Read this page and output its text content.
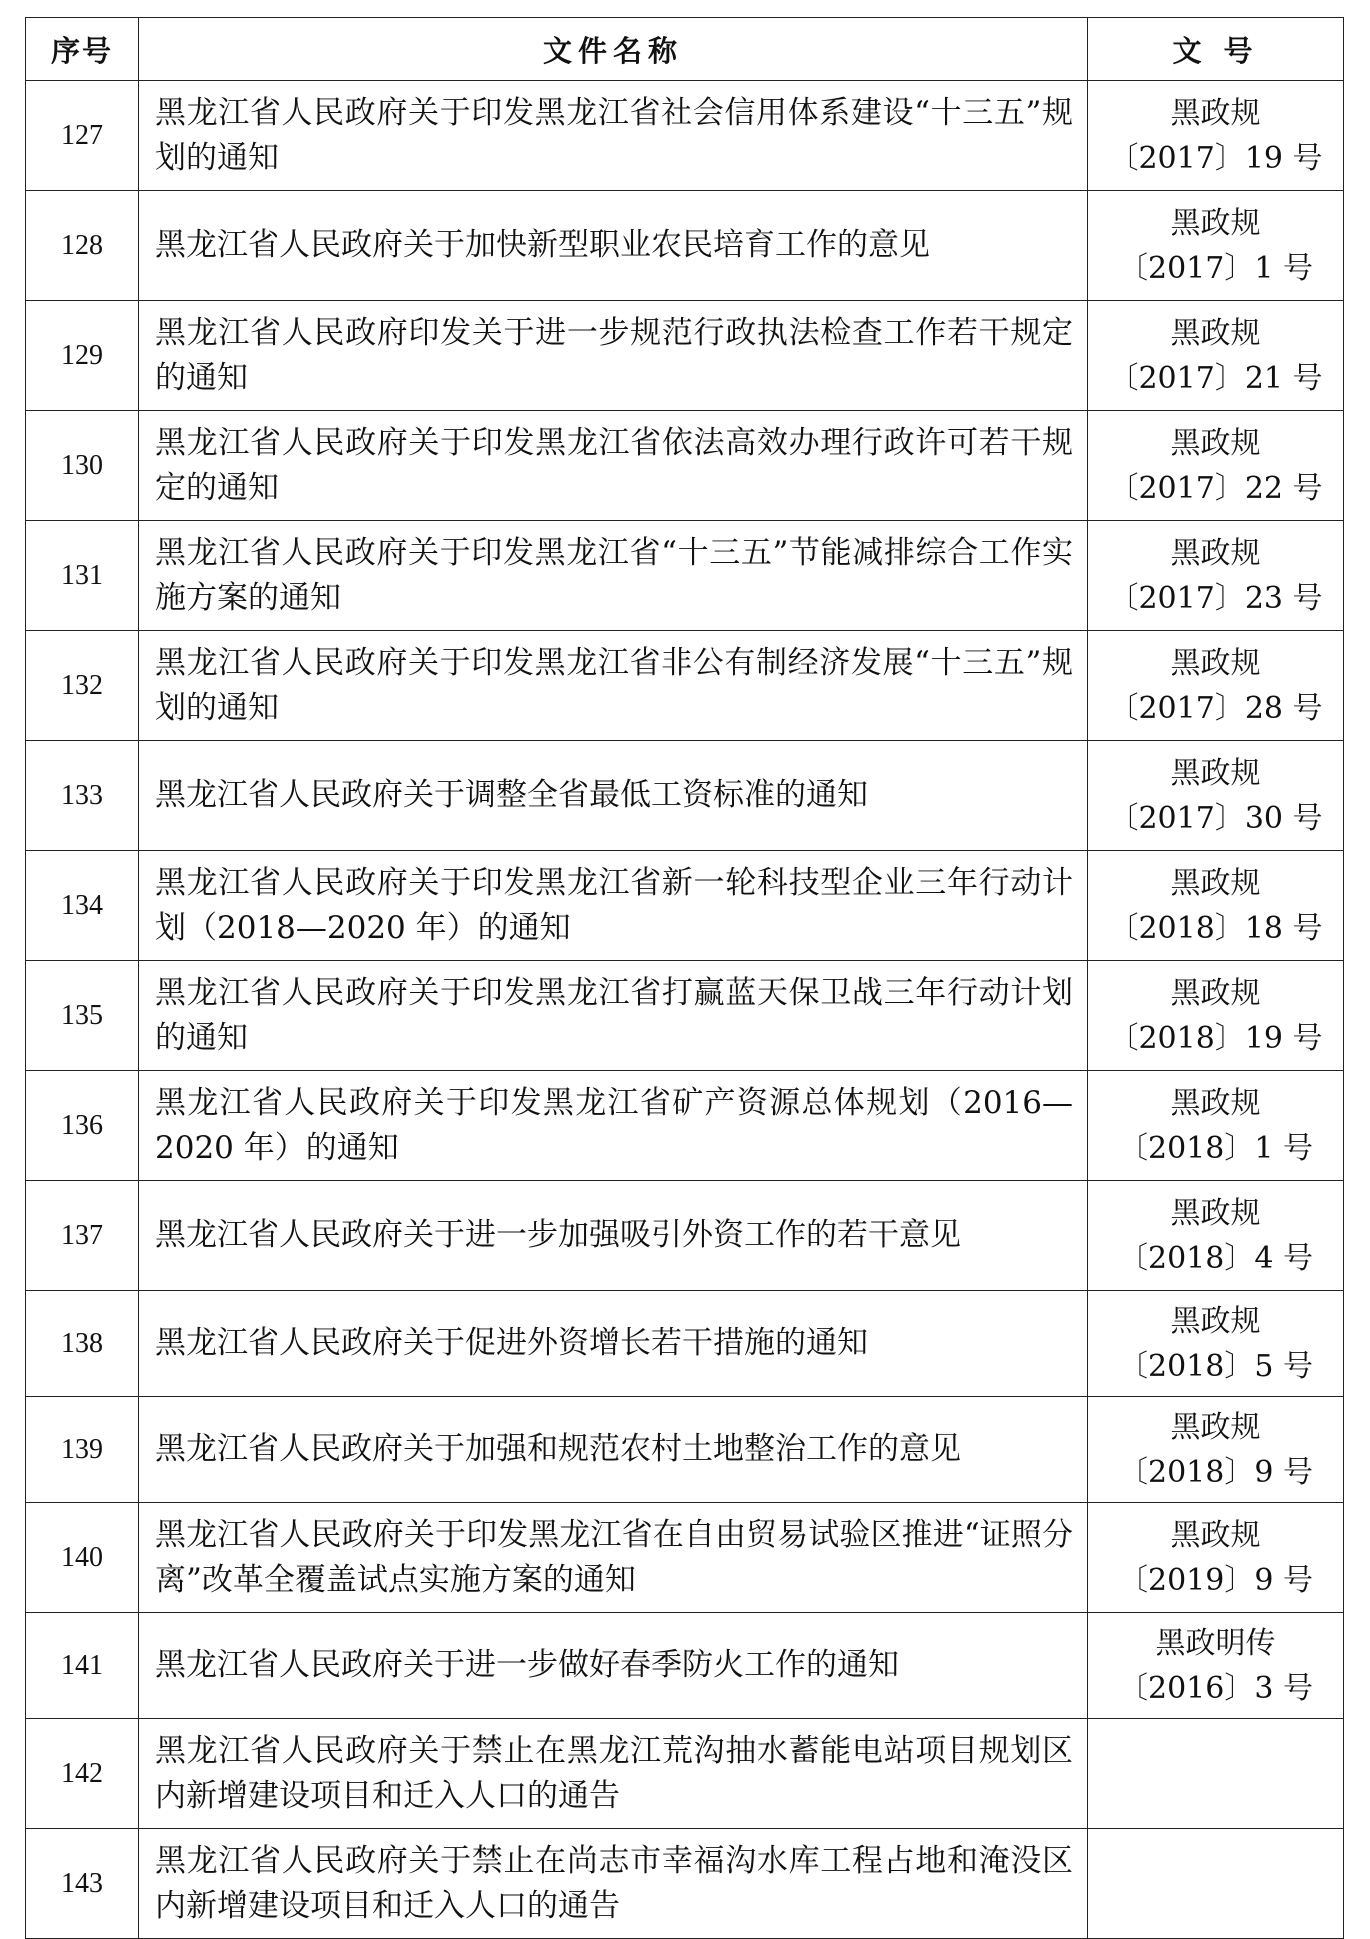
序号	文件名称	文 号
127	黑龙江省人民政府关于印发黑龙江省社会信用体系建设“十三五”规划的通知	黑政规
〔2017〕19 号

128	黑龙江省人民政府关于加快新型职业农民培育工作的意见	黑政规
〔2017〕1 号

129	黑龙江省人民政府印发关于进一步规范行政执法检查工作若干规定的通知	黑政规
〔2017〕21 号

130	黑龙江省人民政府关于印发黑龙江省依法高效办理行政许可若干规定的通知	黑政规
〔2017〕22 号

131	黑龙江省人民政府关于印发黑龙江省“十三五”节能减排综合工作实施方案的通知	黑政规
〔2017〕23 号

132	黑龙江省人民政府关于印发黑龙江省非公有制经济发展“十三五”规划的通知	黑政规
〔2017〕28 号

133	黑龙江省人民政府关于调整全省最低工资标准的通知	黑政规
〔2017〕30 号

134	黑龙江省人民政府关于印发黑龙江省新一轮科技型企业三年行动计划（2018—2020 年）的通知	黑政规
〔2018〕18 号

135	黑龙江省人民政府关于印发黑龙江省打赢蓝天保卫战三年行动计划的通知	黑政规
〔2018〕19 号

136	黑龙江省人民政府关于印发黑龙江省矿产资源总体规划（2016—2020 年）的通知	黑政规
〔2018〕1 号

137	黑龙江省人民政府关于进一步加强吸引外资工作的若干意见	黑政规
〔2018〕4 号

138	黑龙江省人民政府关于促进外资增长若干措施的通知	黑政规
〔2018〕5 号

139	黑龙江省人民政府关于加强和规范农村土地整治工作的意见	黑政规
〔2018〕9 号

140	黑龙江省人民政府关于印发黑龙江省在自由贸易试验区推进“证照分离”改革全覆盖试点实施方案的通知	黑政规
〔2019〕9 号

141	黑龙江省人民政府关于进一步做好春季防火工作的通知	黑政明传
〔2016〕3 号

142	黑龙江省人民政府关于禁止在黑龙江荒沟抽水蓄能电站项目规划区内新增建设项目和迁入人口的通告	

143	黑龙江省人民政府关于禁止在尚志市幸福沟水库工程占地和淹没区内新增建设项目和迁入人口的通告	
